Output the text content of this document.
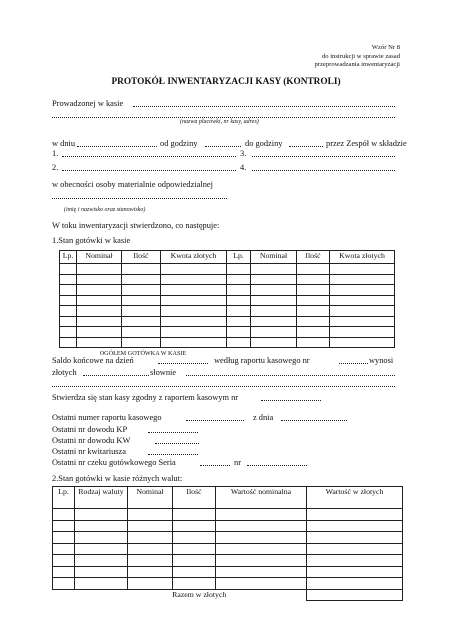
Wzór Nr 8
do instrukcji w sprawie zasad
przeprowadzania inwentaryzacji
PROTOKÓŁ INWENTARYZACJI KASY (KONTROLI)
Prowadzonej w kasie
(nazwa placówki, nr kasy, adres)
w dniu	od godziny	do godziny	przez Zespół w składzie
1.	3.
2.	4.
w obecności osoby materialnie odpowiedzialnej
(imię i nazwisko oraz stanowisko)
W toku inwentaryzacji stwierdzono, co następuje:
1.Stan gotówki w kasie
Lp.	Nominał	Ilość	Kwota złotych	Lp.	Nominał	Ilość	Kwota złotych

OGÓŁEM GOTÓWKA W KASIE							
Saldo końcowe na dzień	według raportu kasowego nr	wynosi
złotych	słownie
Stwierdza się stan kasy zgodny z raportem kasowym nr
Ostatni numer raportu kasowego	z dnia
Ostatni nr dowodu KP
Ostatni nr dowodu KW
Ostatni nr kwitariusza
Ostatni nr czeku gotówkowego Seria	nr
2.Stan gotówki w kasie różnych walut:
Lp.	Rodzaj waluty	Nominał	Ilość	Wartość nominalna	Wartość w złotych

Razem w złotych					
